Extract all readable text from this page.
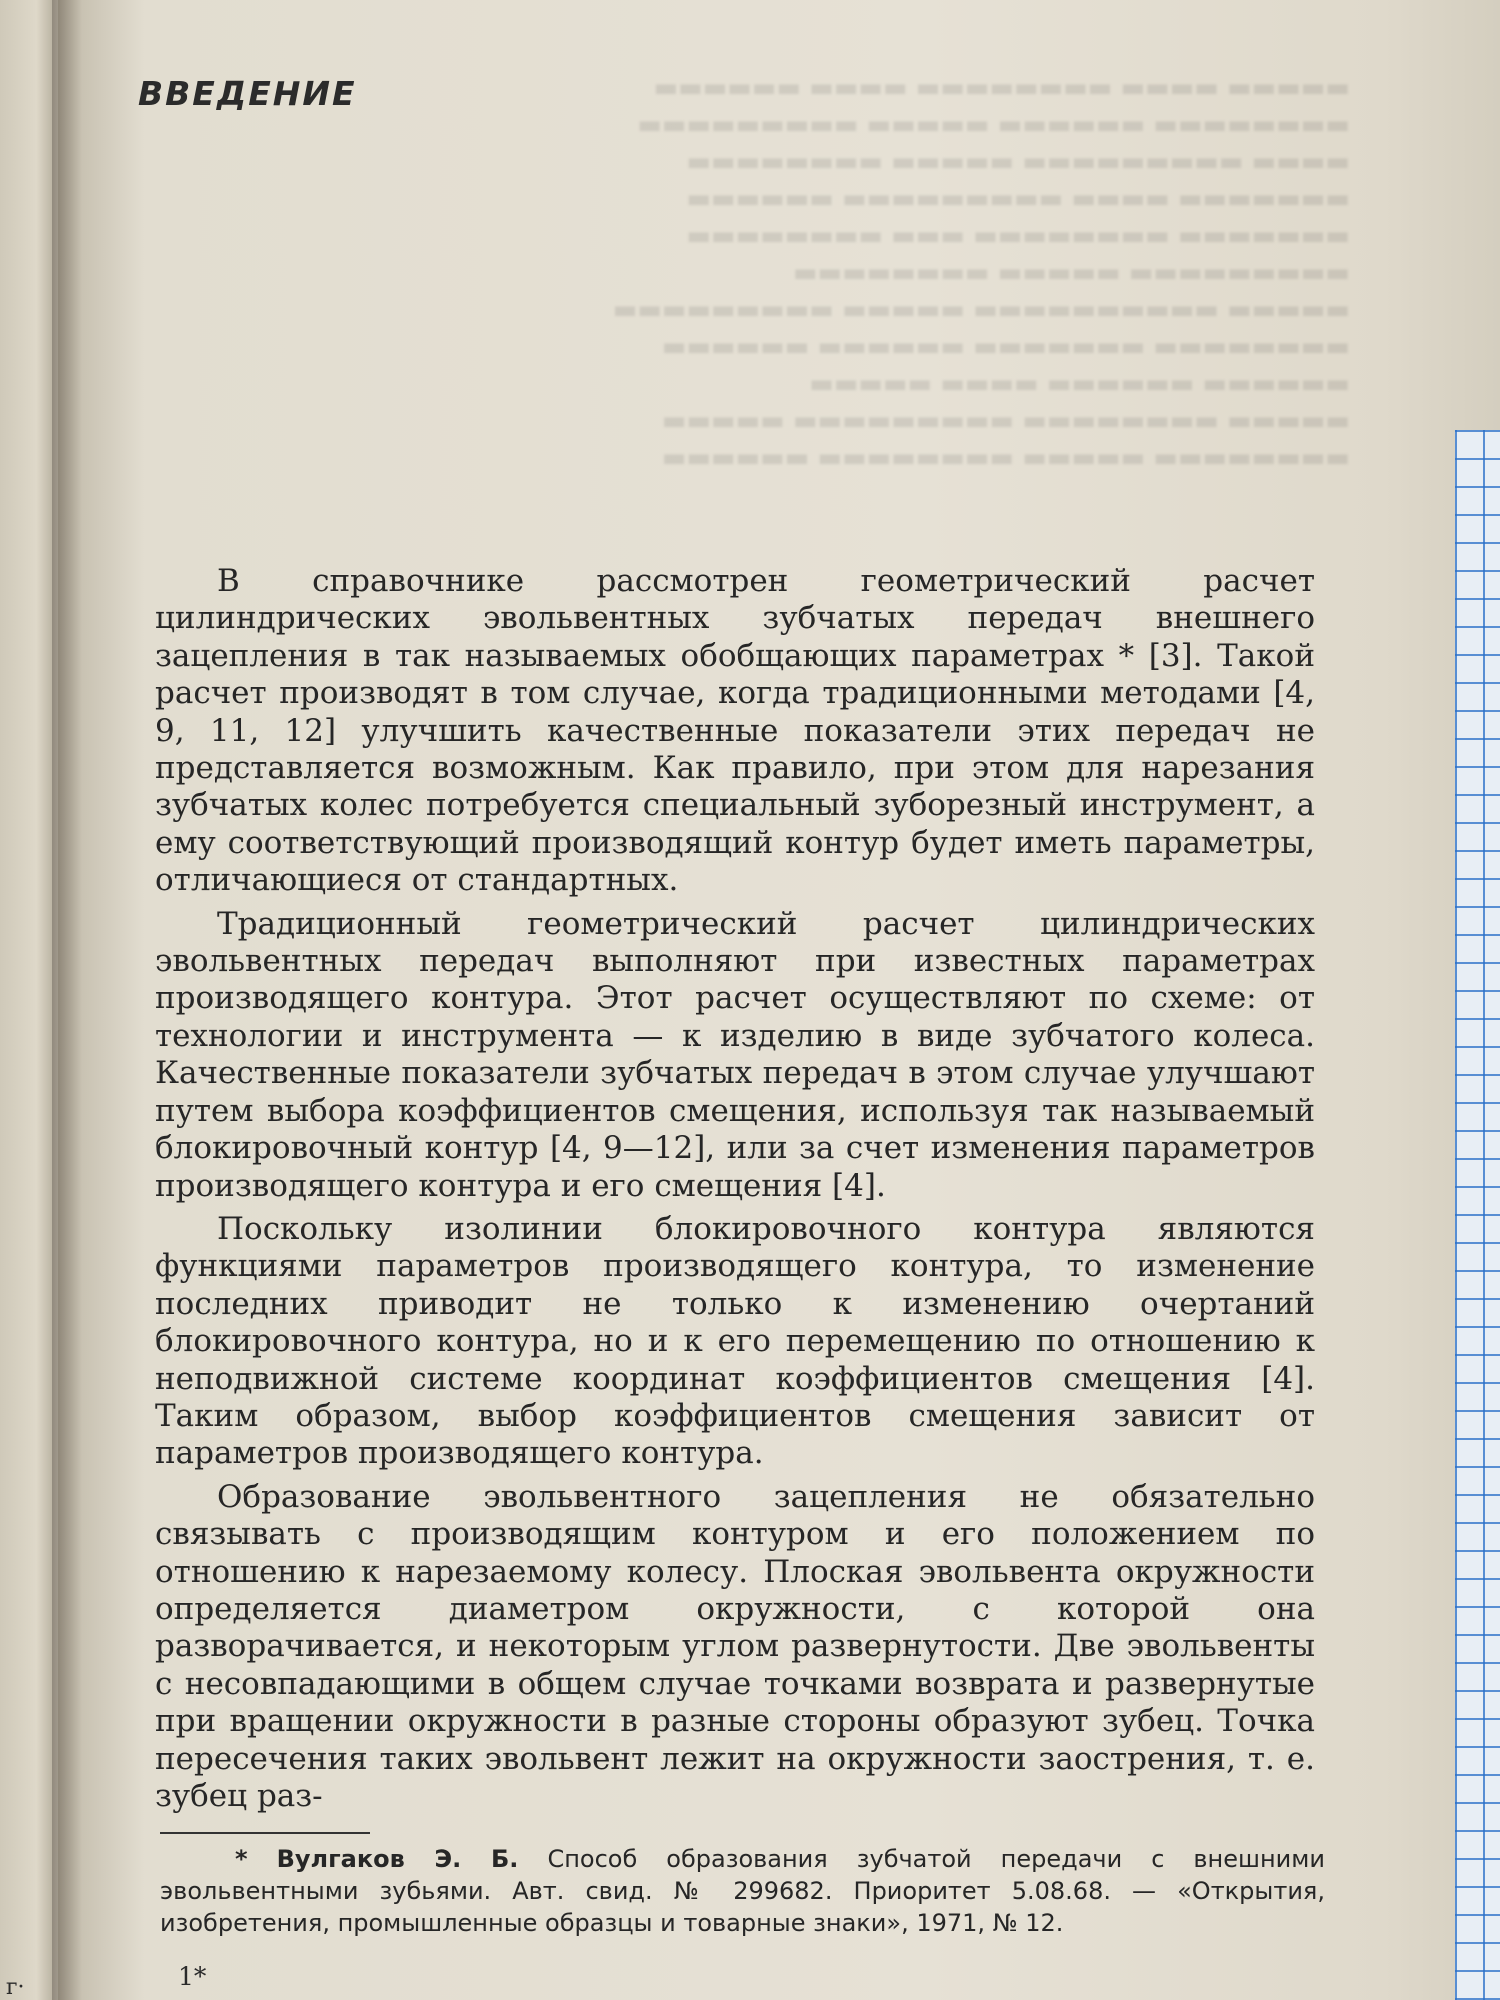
г·
▬▬▬▬▬ ▬▬▬▬ ▬▬▬▬▬▬▬▬ ▬▬▬▬ ▬▬▬▬▬▬
▬▬▬▬▬▬▬▬ ▬▬▬▬▬▬ ▬▬▬▬▬ ▬▬▬▬▬▬▬▬▬
▬▬▬▬ ▬▬▬▬▬▬▬▬▬ ▬▬▬▬▬ ▬▬▬▬▬▬▬▬
▬▬▬▬▬▬▬ ▬▬▬▬ ▬▬▬▬▬▬▬▬▬ ▬▬▬▬▬▬
▬▬▬▬▬▬▬ ▬▬▬▬▬▬▬▬ ▬▬▬ ▬▬▬▬▬▬▬▬
▬▬▬▬▬▬▬▬▬ ▬▬▬▬▬ ▬▬▬▬▬▬▬▬
▬▬▬▬▬ ▬▬▬▬▬▬▬▬▬▬ ▬▬▬▬▬ ▬▬▬▬▬▬▬▬▬
▬▬▬▬▬▬▬▬ ▬▬▬▬▬▬▬ ▬▬▬▬▬▬ ▬▬▬▬▬▬
▬▬▬▬▬▬ ▬▬▬▬▬▬ ▬▬▬▬ ▬▬▬▬▬
▬▬▬▬▬ ▬▬▬▬▬▬▬▬ ▬▬▬▬▬▬▬▬▬ ▬▬▬▬▬
▬▬▬▬▬▬▬▬ ▬▬▬▬▬ ▬▬▬▬▬▬▬▬ ▬▬▬▬▬▬
ВВЕДЕНИЕ

В справочнике рассмотрен геометрический расчет цилиндрических эвольвентных зубчатых передач внешнего зацепления в так называемых обобщающих параметрах * [3]. Такой расчет производят в том случае, когда традиционными методами [4, 9, 11, 12] улучшить качественные показатели этих передач не представляется возможным. Как правило, при этом для нарезания зубчатых колес потребуется специальный зуборезный инструмент, а ему соответствующий производящий контур будет иметь параметры, отличающиеся от стандартных.

Традиционный геометрический расчет цилиндрических эвольвентных передач выполняют при известных параметрах производящего контура. Этот расчет осуществляют по схеме: от технологии и инструмента — к изделию в виде зубчатого колеса. Качественные показатели зубчатых передач в этом случае улучшают путем выбора коэффициентов смещения, используя так называемый блокировочный контур [4, 9—12], или за счет изменения параметров производящего контура и его смещения [4].

Поскольку изолинии блокировочного контура являются функциями параметров производящего контура, то изменение последних приводит не только к изменению очертаний блокировочного контура, но и к его перемещению по отношению к неподвижной системе координат коэффициентов смещения [4]. Таким образом, выбор коэффициентов смещения зависит от параметров производящего контура.

Образование эвольвентного зацепления не обязательно связывать с производящим контуром и его положением по отношению к нарезаемому колесу. Плоская эвольвента окружности определяется диаметром окружности, с которой она разворачивается, и некоторым углом развернутости. Две эвольвенты с несовпадающими в общем случае точками возврата и развернутые при вращении окружности в разные стороны образуют зубец. Точка пересечения таких эвольвент лежит на окружности заострения, т. е. зубец раз-

* Вулгаков Э. Б. Способ образования зубчатой передачи с внешними эвольвентными зубьями. Авт. свид. № 299682. Приоритет 5.08.68. — «Открытия, изобретения, промышленные образцы и товарные знаки», 1971, № 12.
1*
